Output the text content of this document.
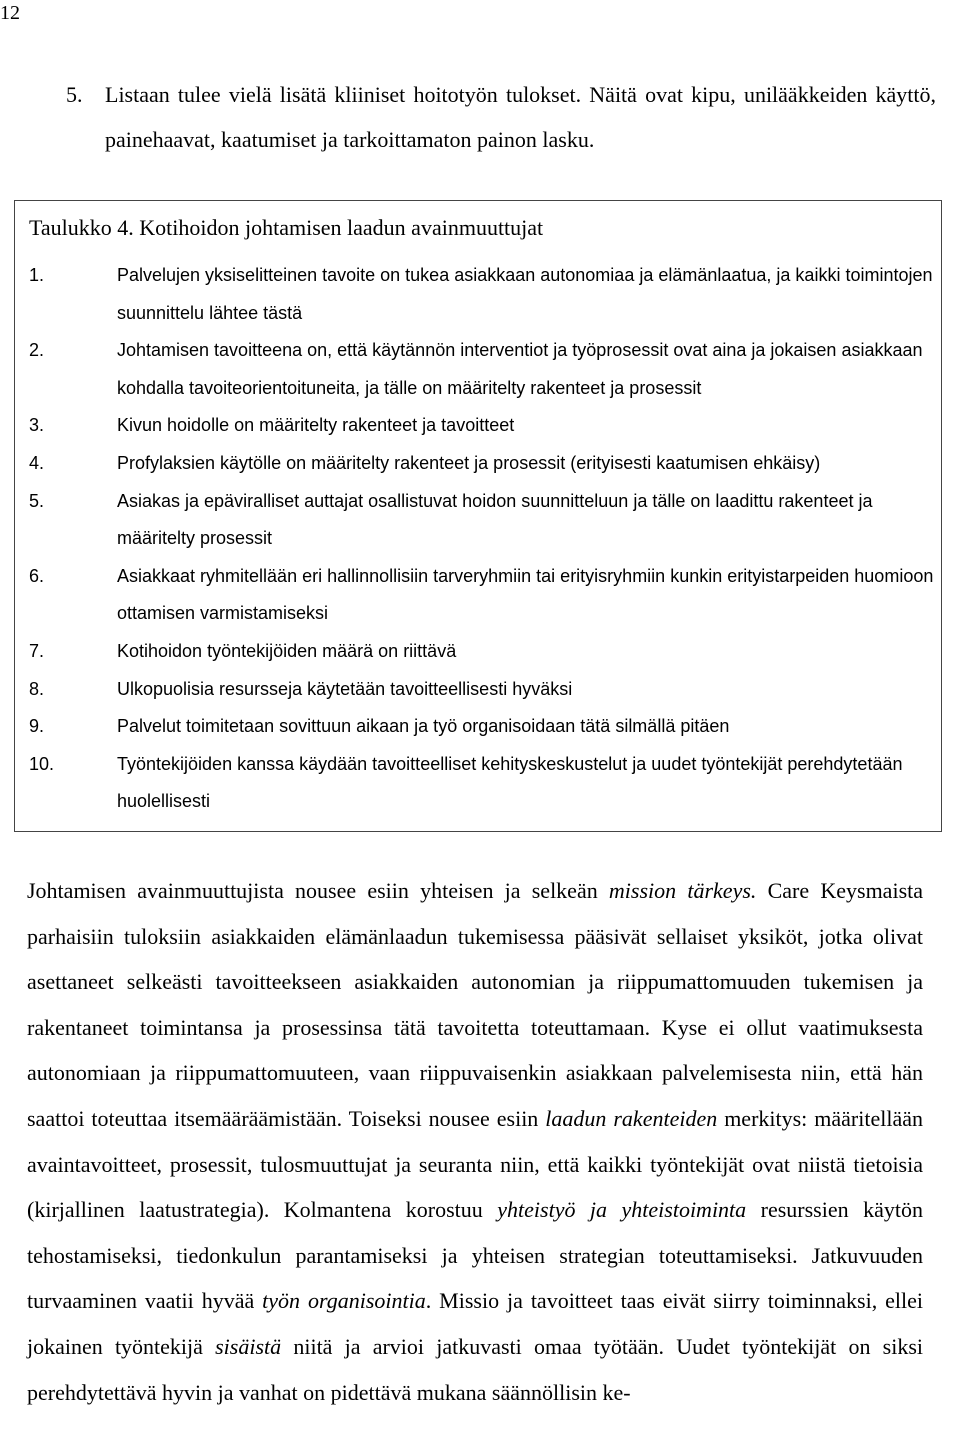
12
5. Listaan tulee vielä lisätä kliiniset hoitotyön tulokset. Näitä ovat kipu, unilääkkeiden käyttö, painehaavat, kaatumiset ja tarkoittamaton painon lasku.
Taulukko 4. Kotihoidon johtamisen laadun avainmuuttujat
1.	Palvelujen yksiselitteinen tavoite on tukea asiakkaan autonomiaa ja elämänlaatua, ja kaikki toimintojen suunnittelu lähtee tästä
2.	Johtamisen tavoitteena on, että käytännön interventiot ja työprosessit ovat aina ja jokaisen asiakkaan kohdalla tavoiteorientoituneita, ja tälle on määritelty rakenteet ja prosessit
3.	Kivun hoidolle on määritelty rakenteet ja tavoitteet
4.	Profylaksien käytölle on määritelty rakenteet ja prosessit (erityisesti kaatumisen ehkäisy)
5.	Asiakas ja epäviralliset auttajat osallistuvat hoidon suunnitteluun ja tälle on laadittu rakenteet ja määritelty prosessit
6.	Asiakkaat ryhmitellään eri hallinnollisiin tarveryhmiin tai erityisryhmiin kunkin erityistarpeiden huomioon ottamisen varmistamiseksi
7.	Kotihoidon työntekijöiden määrä on riittävä
8.	Ulkopuolisia resursseja käytetään tavoitteellisesti hyväksi
9.	Palvelut toimitetaan sovittuun aikaan ja työ organisoidaan tätä silmällä pitäen
10.	Työntekijöiden kanssa käydään tavoitteelliset kehityskeskustelut ja uudet työntekijät perehdytetään huolellisesti

Johtamisen avainmuuttujista nousee esiin yhteisen ja selkeän mission tärkeys. Care Keysmaista parhaisiin tuloksiin asiakkaiden elämänlaadun tukemisessa pääsivät sellaiset yksiköt, jotka olivat asettaneet selkeästi tavoitteekseen asiakkaiden autonomian ja riippumattomuuden tukemisen ja rakentaneet toimintansa ja prosessinsa tätä tavoitetta toteuttamaan. Kyse ei ollut vaatimuksesta autonomiaan ja riippumattomuuteen, vaan riippuvaisenkin asiakkaan palvelemisesta niin, että hän saattoi toteuttaa itsemääräämistään. Toiseksi nousee esiin laadun rakenteiden merkitys: määritellään avaintavoitteet, prosessit, tulosmuuttujat ja seuranta niin, että kaikki työntekijät ovat niistä tietoisia (kirjallinen laatustrategia). Kolmantena korostuu yhteistyö ja yhteistoiminta resurssien käytön tehostamiseksi, tiedonkulun parantamiseksi ja yhteisen strategian toteuttamiseksi. Jatkuvuuden turvaaminen vaatii hyvää työn organisointia. Missio ja tavoitteet taas eivät siirry toiminnaksi, ellei jokainen työntekijä sisäistä niitä ja arvioi jatkuvasti omaa työtään. Uudet työntekijät on siksi perehdytettävä hyvin ja vanhat on pidettävä mukana säännöllisin ke-
